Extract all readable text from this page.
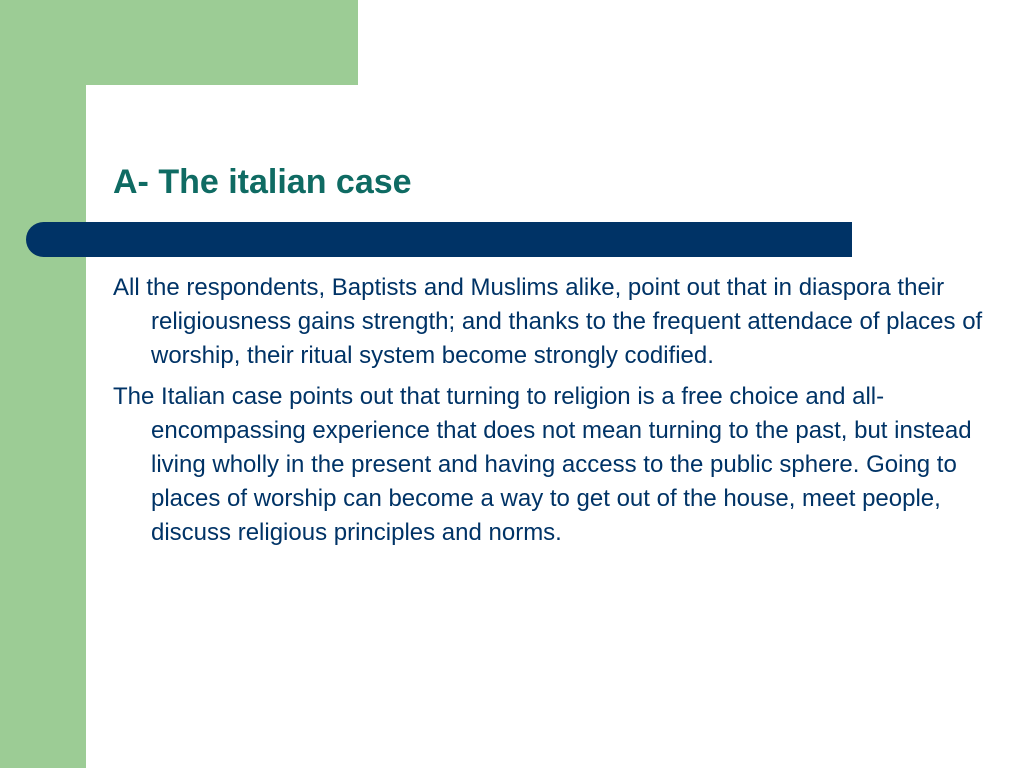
A- The italian case

All the respondents, Baptists and Muslims alike, point out that in diaspora their religiousness gains strength; and thanks to the frequent attendace of places of worship, their ritual system become strongly codified.

The Italian case points out that turning to religion is a free choice and all-encompassing experience that does not mean turning to the past, but instead living wholly in the present and having access to the public sphere. Going to places of worship can become a way to get out of the house, meet people, discuss religious principles and norms.
